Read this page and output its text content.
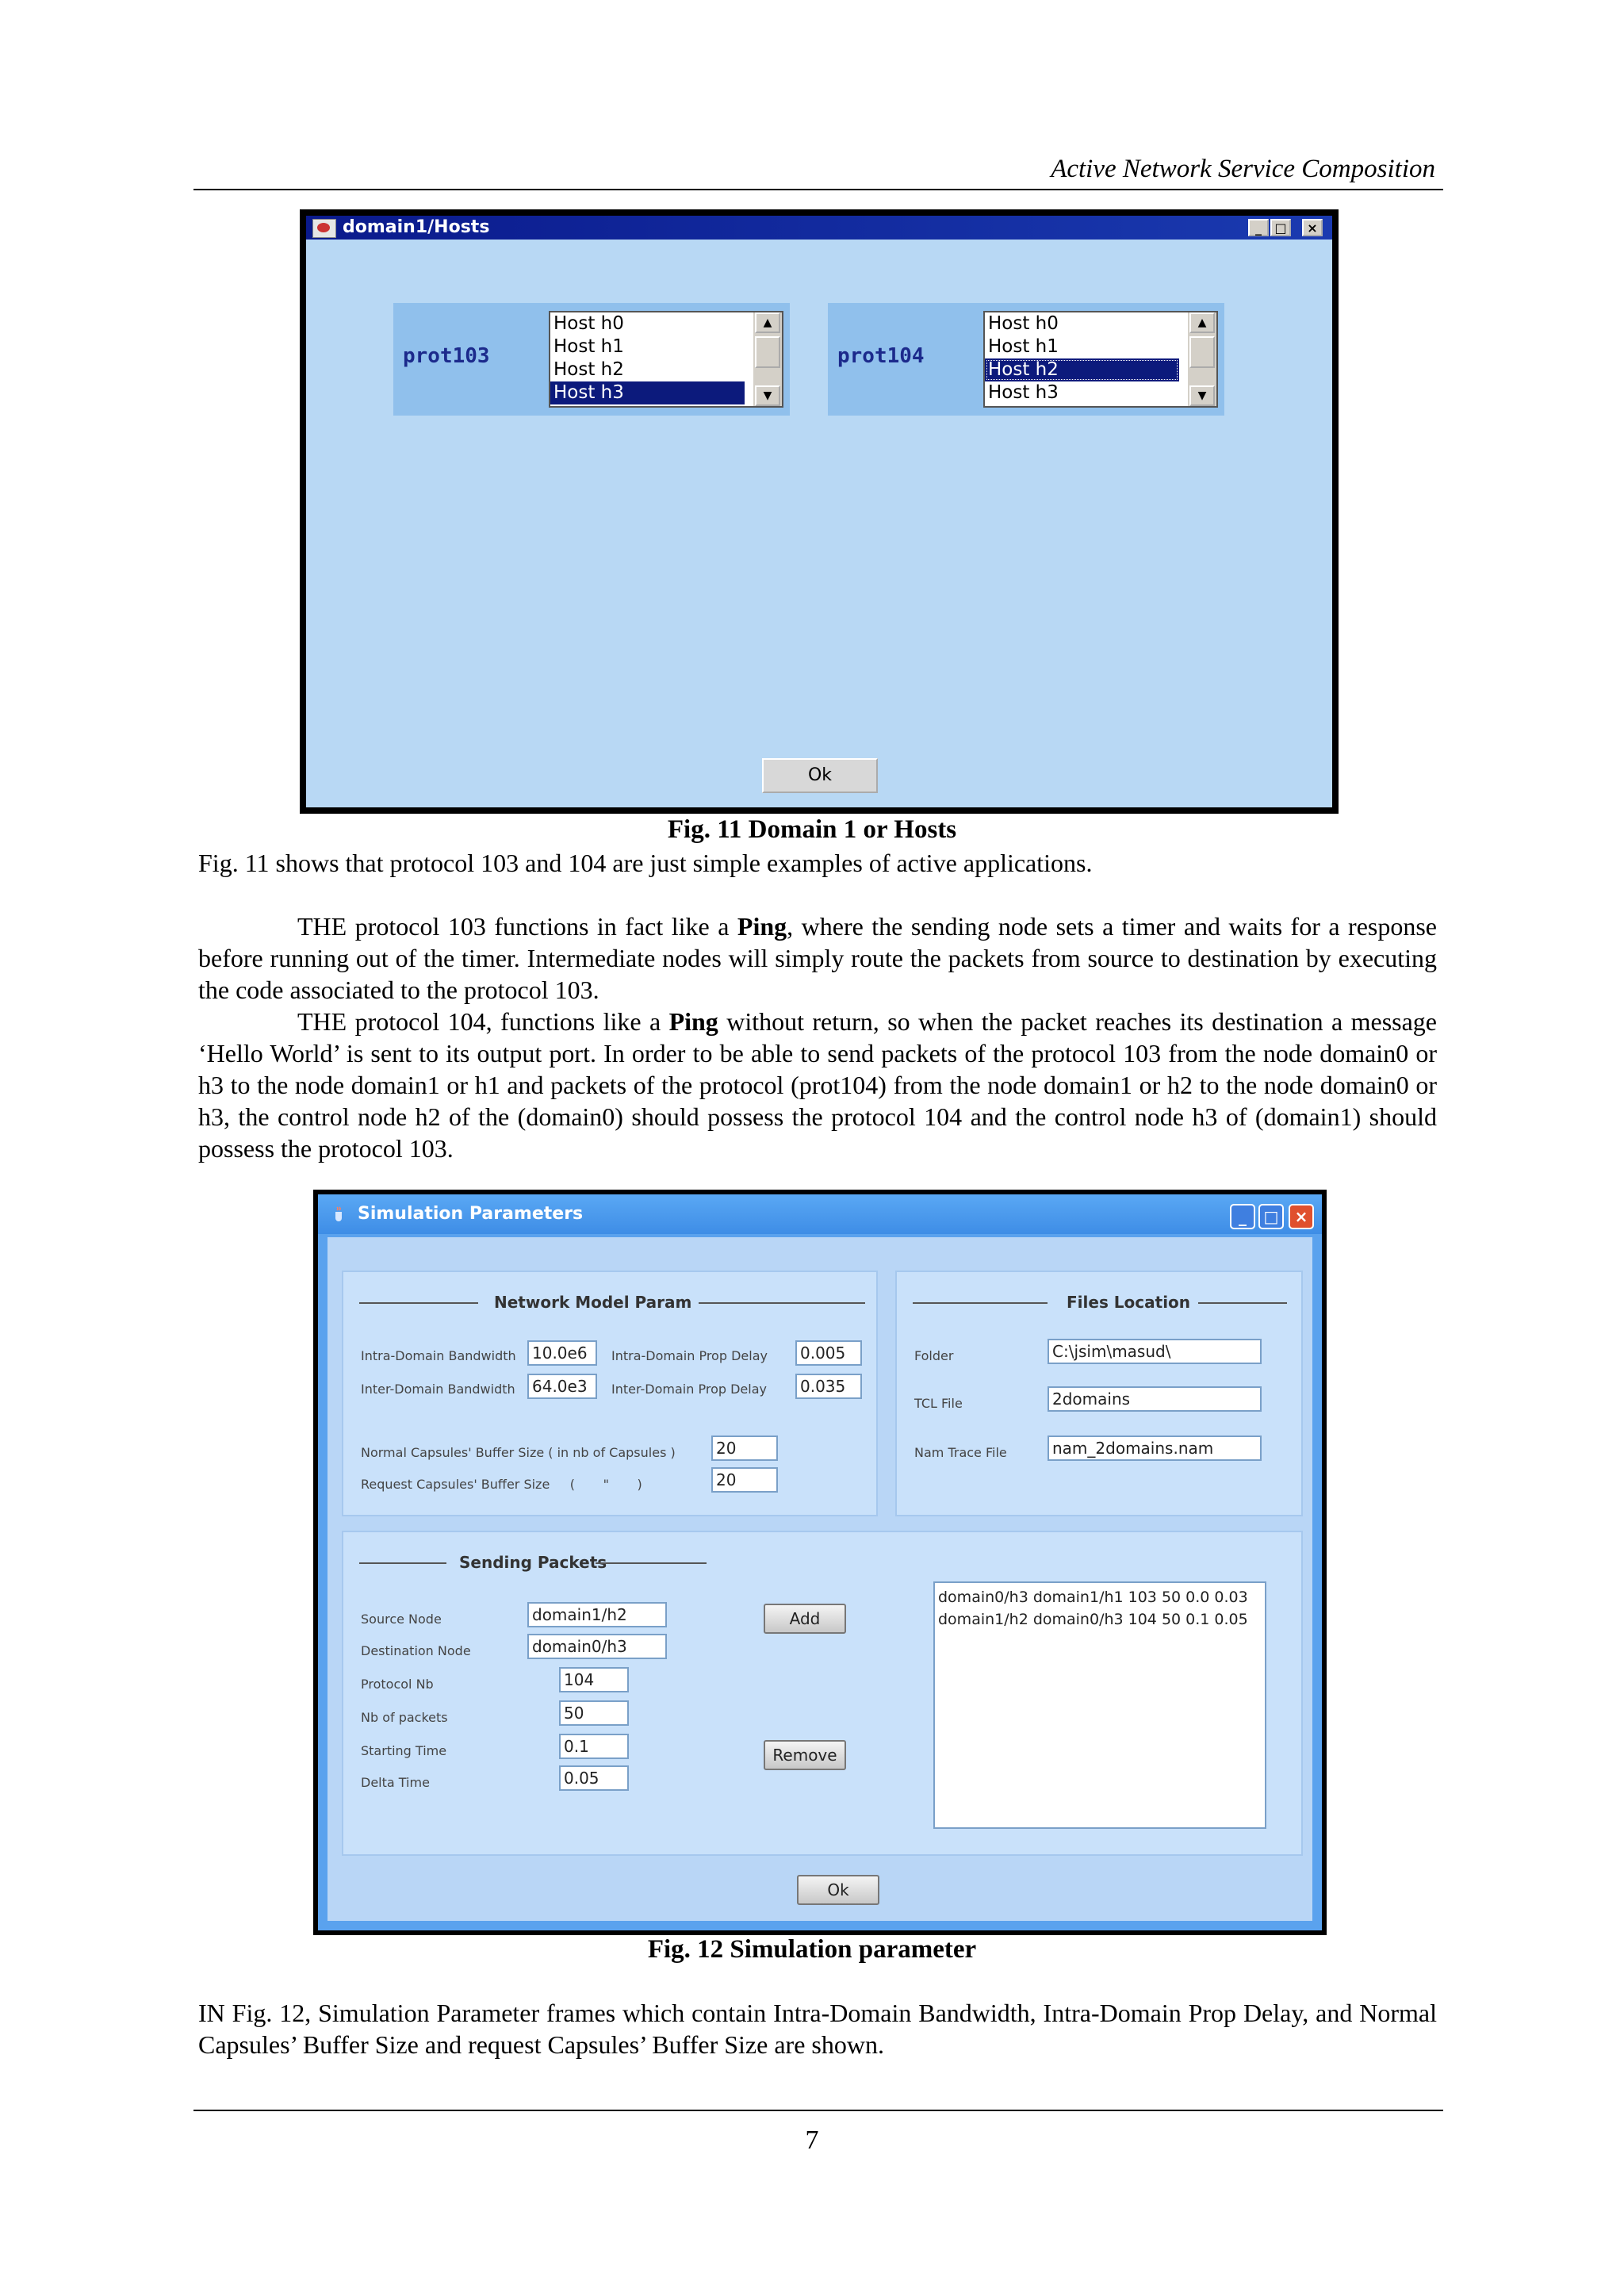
Active Network Service Composition
domain1/Hosts	_	□	×
prot103
Host h0
Host h1
Host h2
Host h3
▲
▼
prot104
Host h0
Host h1
Host h2
Host h3
▲
▼
Ok
Fig. 11 Domain 1 or Hosts
Fig. 11 shows that protocol 103 and 104 are just simple examples of active applications.
THE protocol 103 functions in fact like a Ping, where the sending node sets a timer and waits for a response before running out of the timer. Intermediate nodes will simply route the packets from source to destination by executing the code associated to the protocol 103.
THE protocol 104, functions like a Ping without return, so when the packet reaches its destination a message ‘Hello World’ is sent to its output port. In order to be able to send packets of the protocol 103 from the node domain0 or h3 to the node domain1 or h1 and packets of the protocol (prot104) from the node domain1 or h2 to the node domain0 or h3, the control node h2 of the (domain0) should possess the protocol 104 and the control node h3 of (domain1) should possess the protocol 103.
Simulation Parameters	_	□	×
Network Model Param
Intra-Domain Bandwidth	10.0e6
Inter-Domain Bandwidth	64.0e3
Intra-Domain Prop Delay	0.005
Inter-Domain Prop Delay	0.035
Normal Capsules' Buffer Size ( in nb of Capsules )	20
Request Capsules' Buffer Size     (       "       )	20
Files Location
Folder	C:\jsim\masud\
TCL File	2domains
Nam Trace File	nam_2domains.nam
Sending Packets
Source Node	domain1/h2
Destination Node	domain0/h3
Protocol Nb	104
Nb of packets	50
Starting Time	0.1
Delta Time	0.05
Add
Remove
domain0/h3 domain1/h1 103 50 0.0 0.03
domain1/h2 domain0/h3 104 50 0.1 0.05
Ok
Fig. 12 Simulation parameter
IN Fig. 12, Simulation Parameter frames which contain Intra-Domain Bandwidth, Intra-Domain Prop Delay, and Normal Capsules’ Buffer Size and request Capsules’ Buffer Size are shown.
7
